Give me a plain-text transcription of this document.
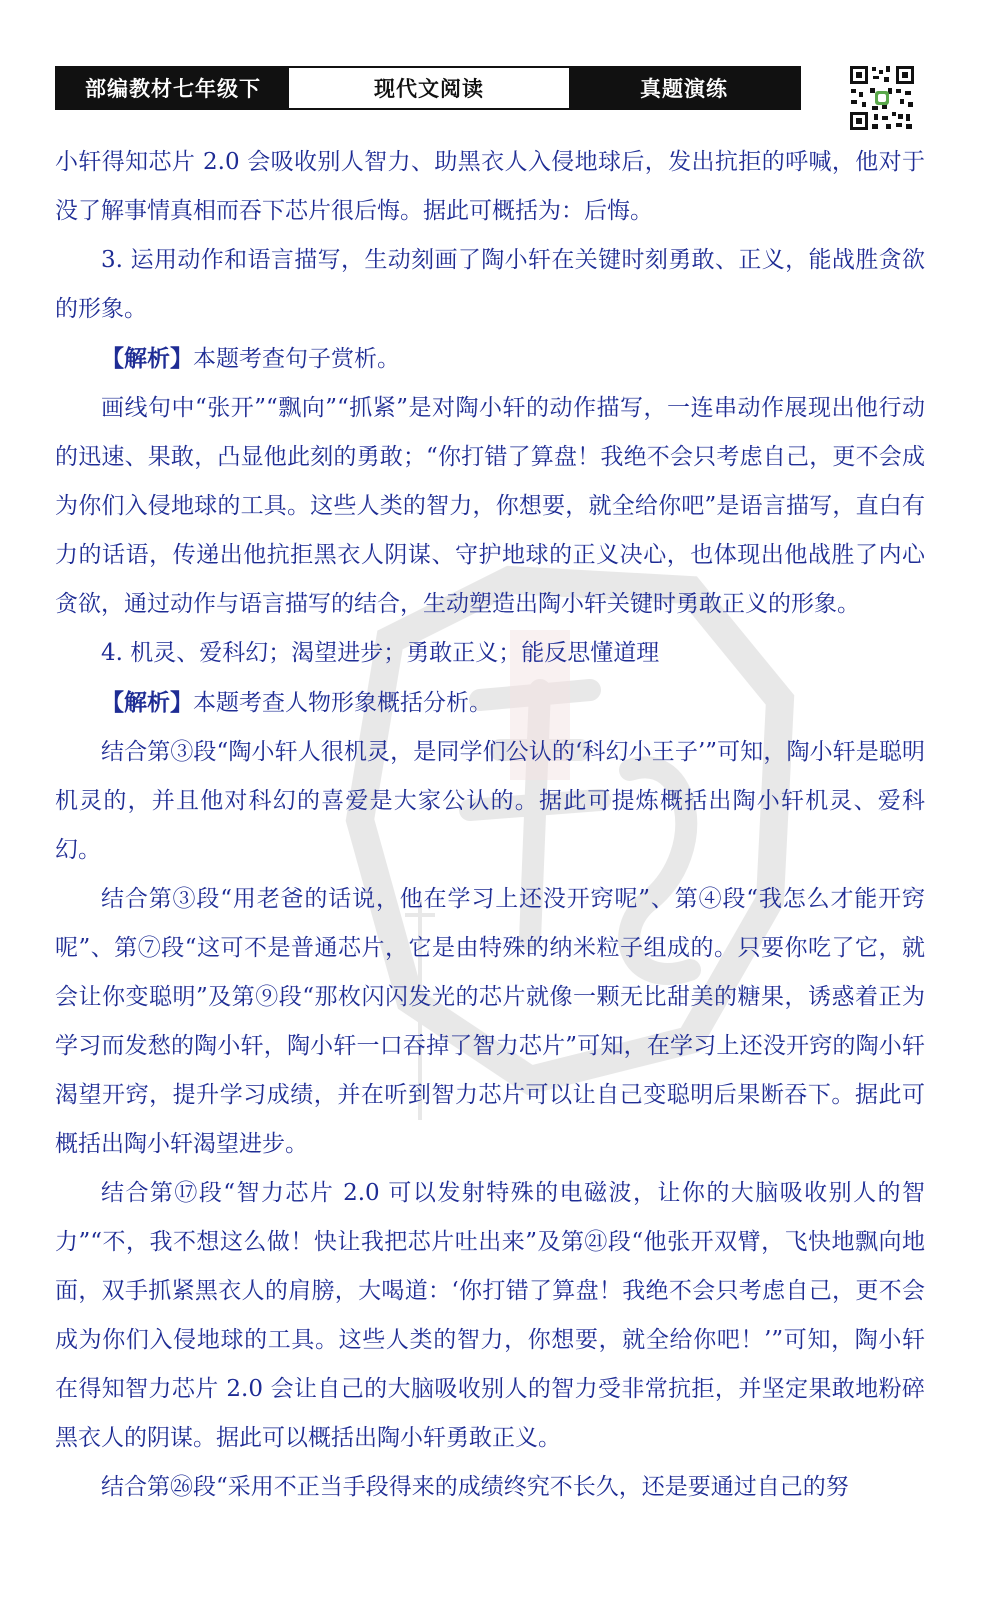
部编教材七年级下	现代文阅读	真题演练

小轩得知芯片 2.0 会吸收别人智力、助黑衣人入侵地球后，发出抗拒的呼喊，他对于没了解事情真相而吞下芯片很后悔。据此可概括为：后悔。

3. 运用动作和语言描写，生动刻画了陶小轩在关键时刻勇敢、正义，能战胜贪欲的形象。

【解析】本题考查句子赏析。

画线句中“张开”“飘向”“抓紧”是对陶小轩的动作描写，一连串动作展现出他行动的迅速、果敢，凸显他此刻的勇敢；“你打错了算盘！我绝不会只考虑自己，更不会成为你们入侵地球的工具。这些人类的智力，你想要，就全给你吧”是语言描写，直白有力的话语，传递出他抗拒黑衣人阴谋、守护地球的正义决心，也体现出他战胜了内心贪欲，通过动作与语言描写的结合，生动塑造出陶小轩关键时勇敢正义的形象。

4. 机灵、爱科幻；渴望进步；勇敢正义；能反思懂道理

【解析】本题考查人物形象概括分析。

结合第③段“陶小轩人很机灵，是同学们公认的‘科幻小王子’”可知，陶小轩是聪明机灵的，并且他对科幻的喜爱是大家公认的。据此可提炼概括出陶小轩机灵、爱科幻。

结合第③段“用老爸的话说，他在学习上还没开窍呢”、第④段“我怎么才能开窍呢”、第⑦段“这可不是普通芯片，它是由特殊的纳米粒子组成的。只要你吃了它，就会让你变聪明”及第⑨段“那枚闪闪发光的芯片就像一颗无比甜美的糖果，诱惑着正为学习而发愁的陶小轩，陶小轩一口吞掉了智力芯片”可知，在学习上还没开窍的陶小轩渴望开窍，提升学习成绩，并在听到智力芯片可以让自己变聪明后果断吞下。据此可概括出陶小轩渴望进步。

结合第⑰段“智力芯片 2.0 可以发射特殊的电磁波，让你的大脑吸收别人的智力”“不，我不想这么做！快让我把芯片吐出来”及第㉑段“他张开双臂，飞快地飘向地面，双手抓紧黑衣人的肩膀，大喝道：‘你打错了算盘！我绝不会只考虑自己，更不会成为你们入侵地球的工具。这些人类的智力，你想要，就全给你吧！’”可知，陶小轩在得知智力芯片 2.0 会让自己的大脑吸收别人的智力受非常抗拒，并坚定果敢地粉碎黑衣人的阴谋。据此可以概括出陶小轩勇敢正义。

结合第㉖段“采用不正当手段得来的成绩终究不长久，还是要通过自己的努
